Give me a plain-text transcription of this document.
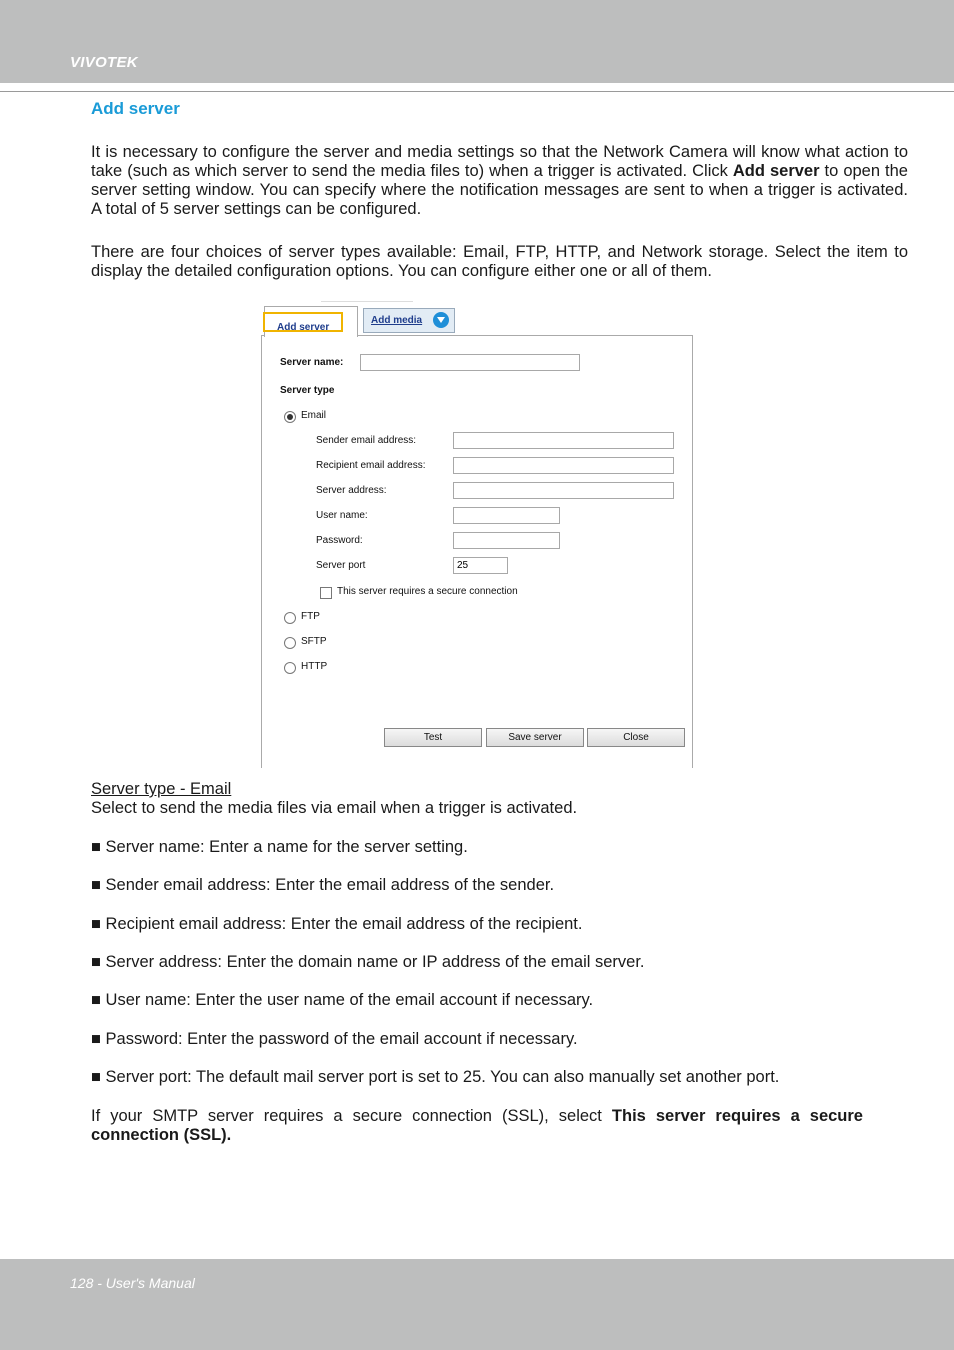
VIVOTEK
Add server
It is necessary to configure the server and media settings so that the Network Camera will know what action to take (such as which server to send the media files to) when a trigger is activated. Click Add server to open the server setting window. You can specify where the notification messages are sent to when a trigger is activated. A total of 5 server settings can be configured.
There are four choices of server types available: Email, FTP, HTTP, and Network storage. Select the item to display the detailed configuration options. You can configure either one or all of them.
Server name:
Server type
Email
Sender email address:
Recipient email address:
Server address:
User name:
Password:
Server port
25
This server requires a secure connection
FTP
SFTP
HTTP
Test	Save server	Close
Add server
Add media
Server type - Email
Select to send the media files via email when a trigger is activated.
■ Server name: Enter a name for the server setting.
■ Sender email address: Enter the email address of the sender.
■ Recipient email address: Enter the email address of the recipient.
■ Server address: Enter the domain name or IP address of the email server.
■ User name: Enter the user name of the email account if necessary.
■ Password: Enter the password of the email account if necessary.
■ Server port: The default mail server port is set to 25. You can also manually set another port.
If your SMTP server requires a secure connection (SSL), select This server requires a secure connection (SSL).
128 - User's Manual
